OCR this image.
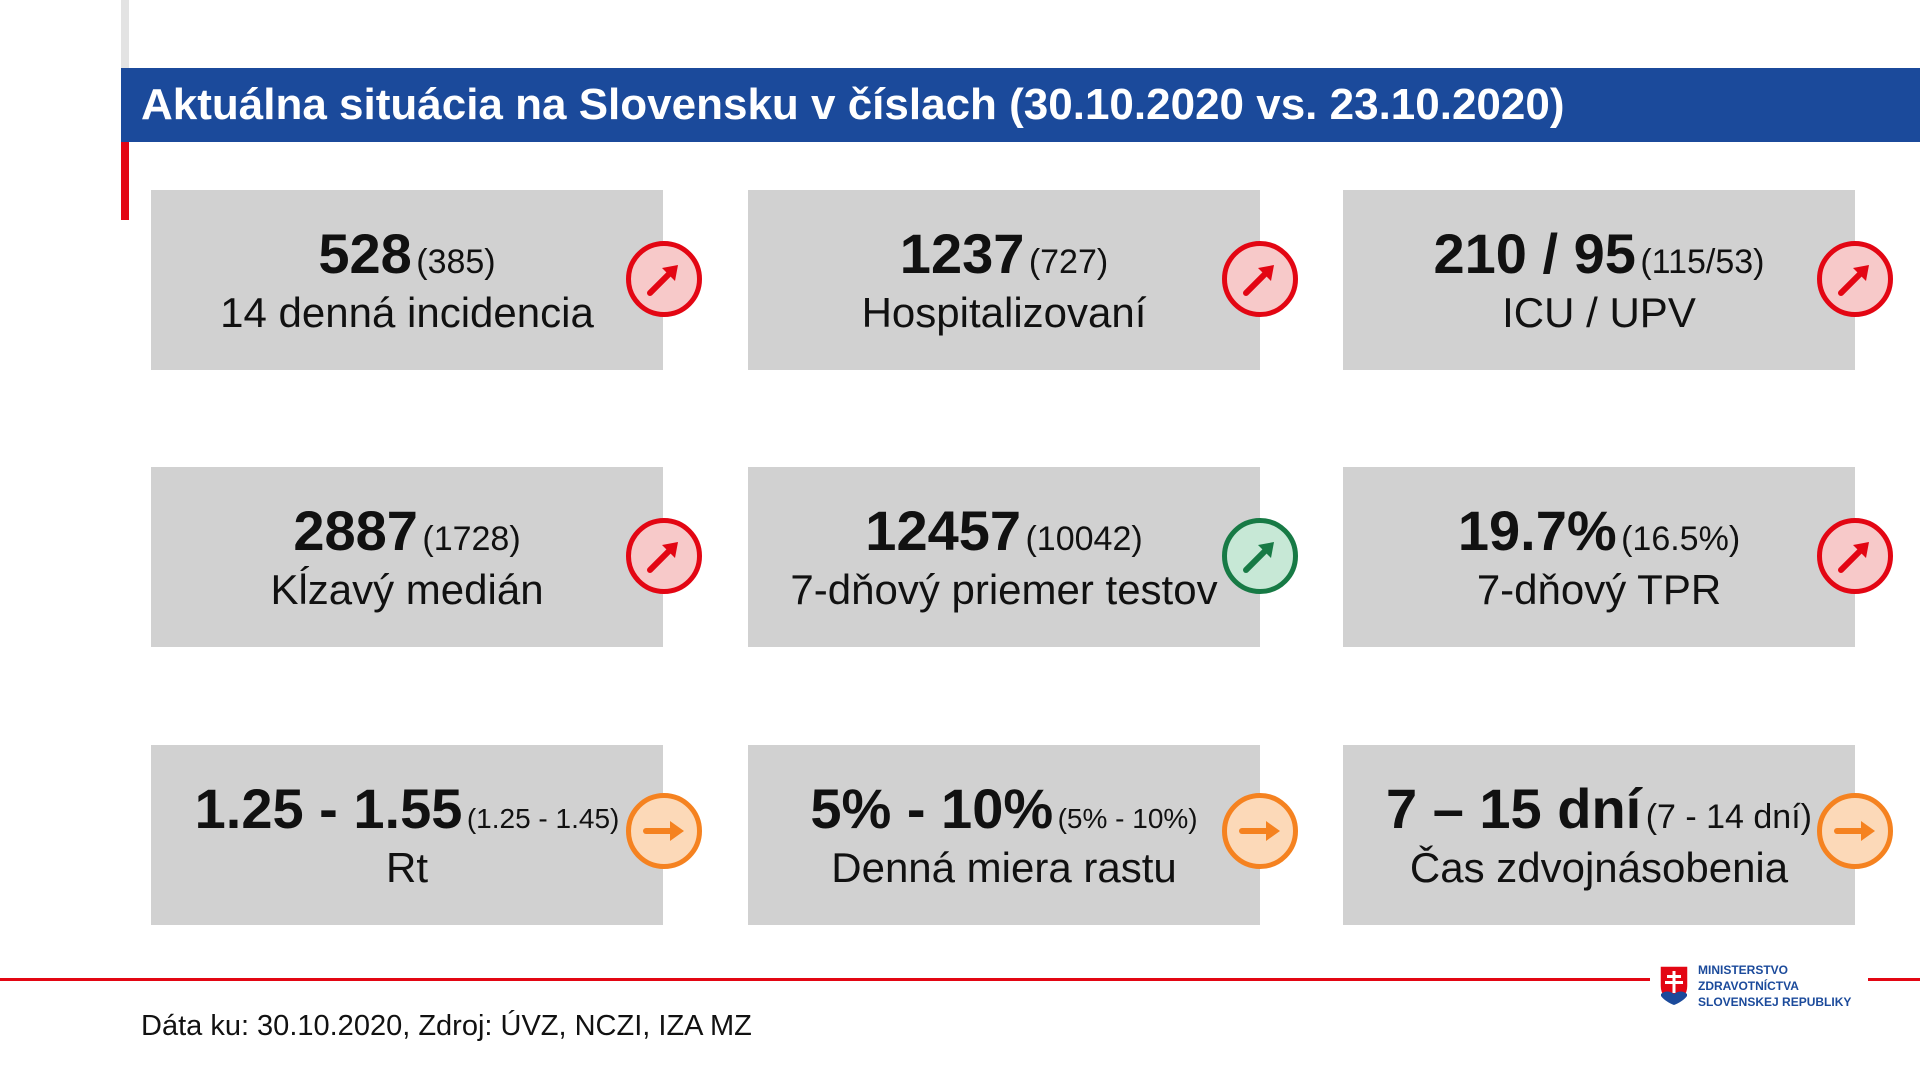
Aktuálna situácia na Slovensku v číslach (30.10.2020 vs. 23.10.2020)
528 (385)
14 denná incidencia
1237 (727)
Hospitalizovaní
210 / 95 (115/53)
ICU / UPV
2887 (1728)
Kĺzavý medián
12457 (10042)
7-dňový priemer testov
19.7% (16.5%)
7-dňový TPR
1.25 - 1.55 (1.25 - 1.45)
Rt
5% - 10% (5% - 10%)
Denná miera rastu
7 – 15 dní (7 - 14 dní)
Čas zdvojnásobenia
MINISTERSTVO
ZDRAVOTNÍCTVA
SLOVENSKEJ REPUBLIKY
Dáta ku: 30.10.2020, Zdroj: ÚVZ, NCZI, IZA MZ
